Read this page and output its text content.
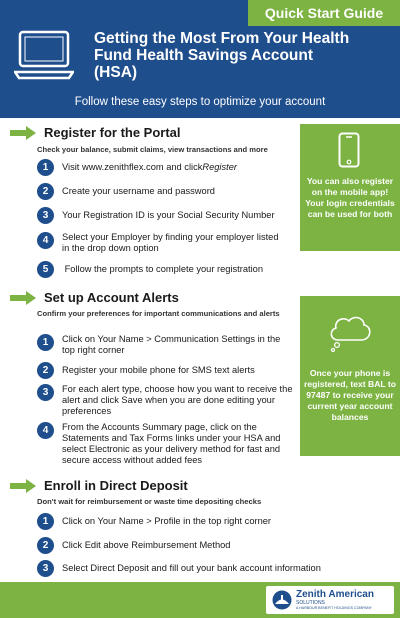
Getting the Most From Your Health Fund Health Savings Account (HSA)
Follow these easy steps to optimize your account
Quick Start Guide
Register for the Portal
Check your balance, submit claims, view transactions and more
1	Visit www.zenithflex.com and clickRegister
2	Create your username and password
3	Your Registration ID is your Social Security Number
4	Select your Employer by finding your employer listed in the drop down option
5	Follow the prompts to complete your registration
You can also register on the mobile app! Your login credentials can be used for both
Set up Account Alerts
Confirm your preferences for important communications and alerts
1	Click on Your Name > Communication Settings in the top right corner
2	Register your mobile phone for SMS text alerts
3	For each alert type, choose how you want to receive the alert and click Save when you are done editing your preferences
4	From the Accounts Summary page, click on the Statements and Tax Forms links under your HSA and select Electronic as your delivery method for fast and secure access without added fees
Once your phone is registered, text BAL to 97487 to receive your current year account balances
Enroll in Direct Deposit
Don't wait for reimbursement or waste time depositing checks
1	Click on Your Name > Profile in the top right corner
2	Click Edit above Reimbursement Method
3	Select Direct Deposit and fill out your bank account information
Zenith American
SOLUTIONS
A HARBOUR BENEFIT HOLDINGS COMPANY
